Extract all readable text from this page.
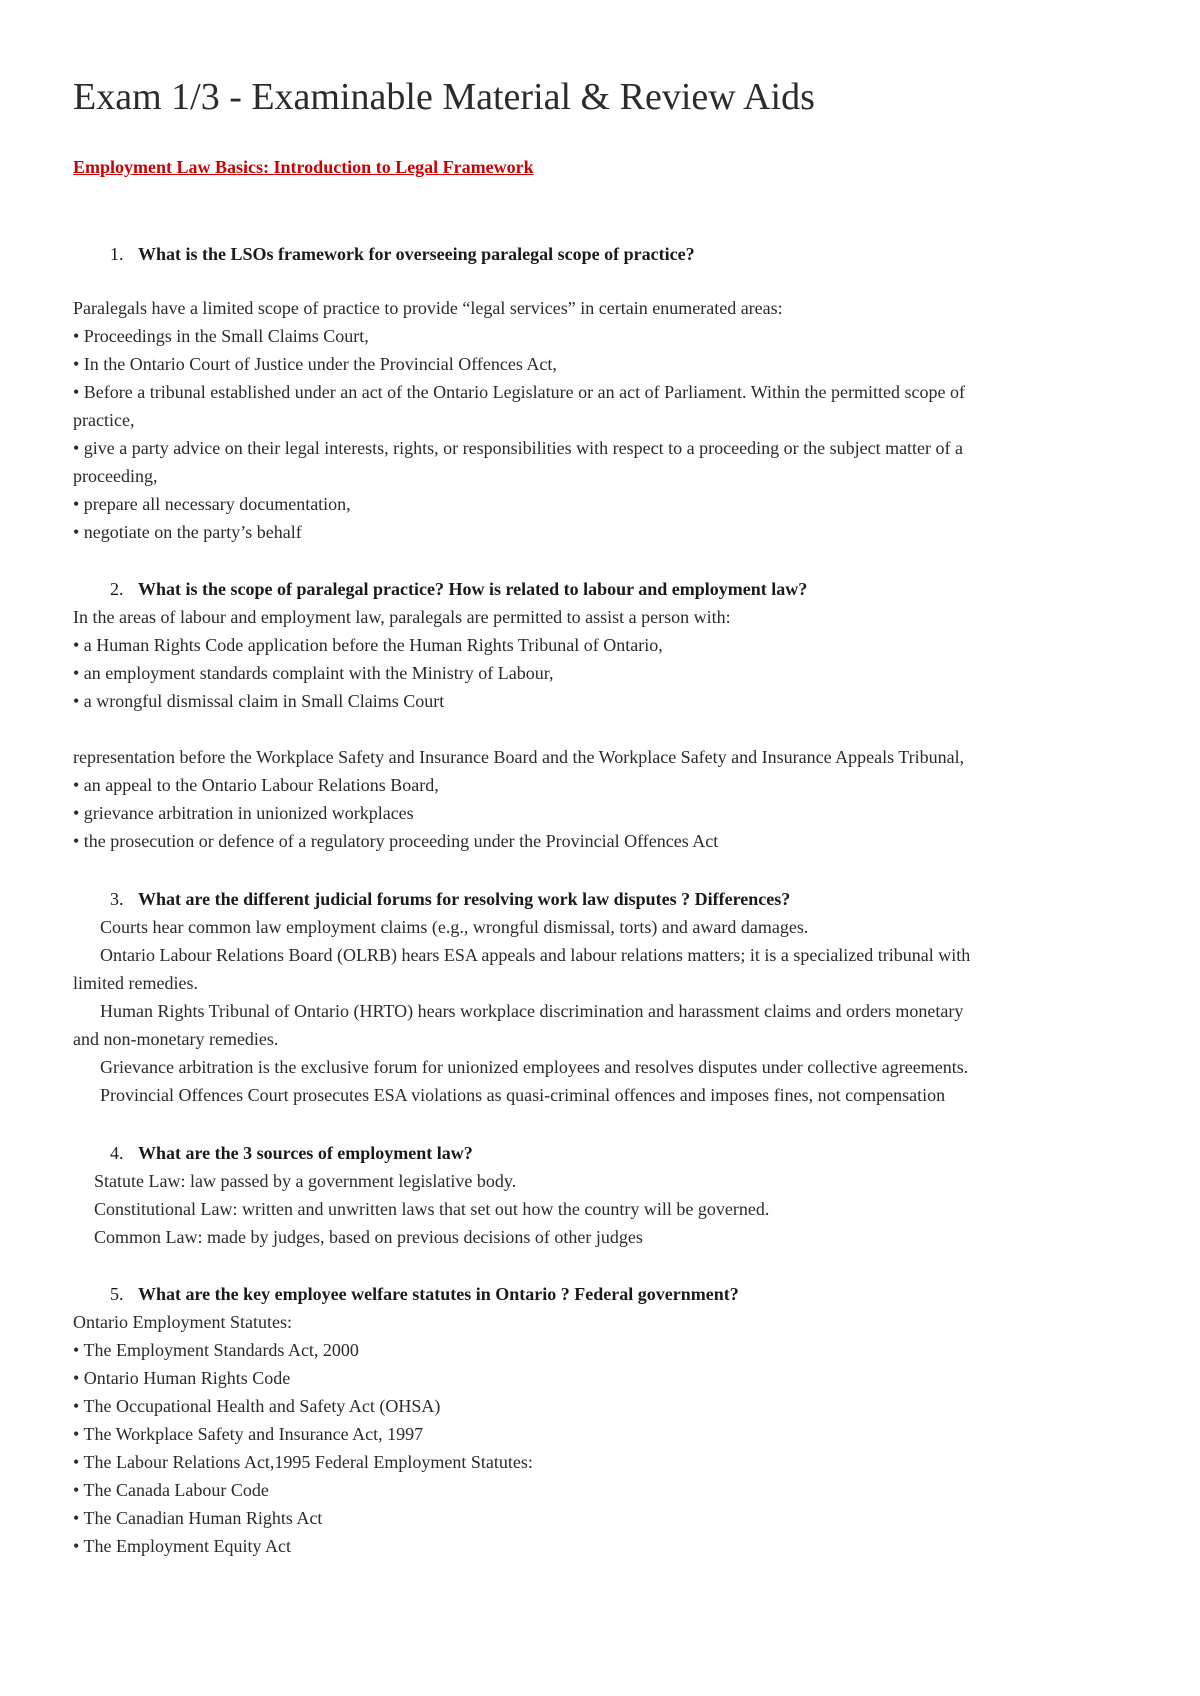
Exam 1/3 - Examinable Material & Review Aids
Employment Law Basics: Introduction to Legal Framework
1. What is the LSOs framework for overseeing paralegal scope of practice?
Paralegals have a limited scope of practice to provide “legal services” in certain enumerated areas:
• Proceedings in the Small Claims Court,
• In the Ontario Court of Justice under the Provincial Offences Act,
• Before a tribunal established under an act of the Ontario Legislature or an act of Parliament. Within the permitted scope of
practice,
• give a party advice on their legal interests, rights, or responsibilities with respect to a proceeding or the subject matter of a
proceeding,
• prepare all necessary documentation,
• negotiate on the party’s behalf
2. What is the scope of paralegal practice? How is related to labour and employment law?
In the areas of labour and employment law, paralegals are permitted to assist a person with:
• a Human Rights Code application before the Human Rights Tribunal of Ontario,
• an employment standards complaint with the Ministry of Labour,
• a wrongful dismissal claim in Small Claims Court
representation before the Workplace Safety and Insurance Board and the Workplace Safety and Insurance Appeals Tribunal,
• an appeal to the Ontario Labour Relations Board,
• grievance arbitration in unionized workplaces
• the prosecution or defence of a regulatory proceeding under the Provincial Offences Act
3. What are the different judicial forums for resolving work law disputes ? Differences?
Courts hear common law employment claims (e.g., wrongful dismissal, torts) and award damages.
Ontario Labour Relations Board (OLRB) hears ESA appeals and labour relations matters; it is a specialized tribunal with
limited remedies.
Human Rights Tribunal of Ontario (HRTO) hears workplace discrimination and harassment claims and orders monetary
and non-monetary remedies.
Grievance arbitration is the exclusive forum for unionized employees and resolves disputes under collective agreements.
Provincial Offences Court prosecutes ESA violations as quasi-criminal offences and imposes fines, not compensation
4. What are the 3 sources of employment law?
Statute Law: law passed by a government legislative body.
Constitutional Law: written and unwritten laws that set out how the country will be governed.
Common Law: made by judges, based on previous decisions of other judges
5. What are the key employee welfare statutes in Ontario ? Federal government?
Ontario Employment Statutes:
• The Employment Standards Act, 2000
• Ontario Human Rights Code
• The Occupational Health and Safety Act (OHSA)
• The Workplace Safety and Insurance Act, 1997
• The Labour Relations Act,1995 Federal Employment Statutes:
• The Canada Labour Code
• The Canadian Human Rights Act
• The Employment Equity Act
